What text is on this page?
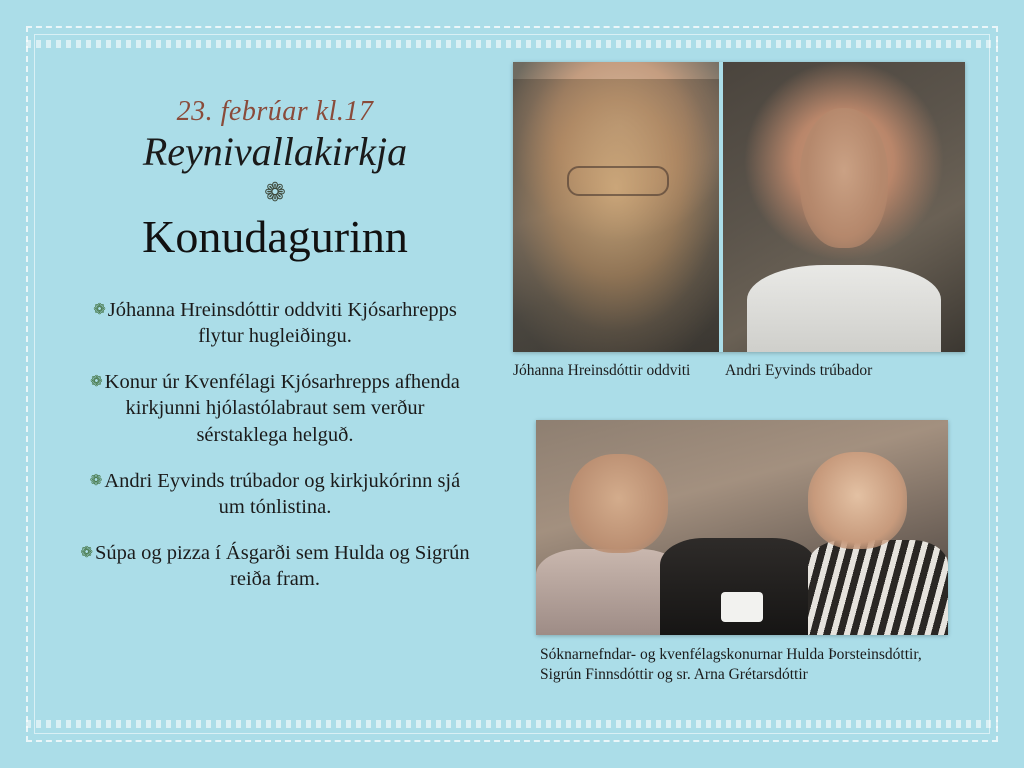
23. febrúar kl.17
Reynivallakirkja
❁
Konudagurinn
❁Jóhanna Hreinsdóttir oddviti Kjósarhrepps flytur hugleiðingu.
❁Konur úr Kvenfélagi Kjósarhrepps afhenda kirkjunni hjólastólabraut sem verður sérstaklega helguð.
❁Andri Eyvinds trúbador og kirkjukórinn sjá um tónlistina.
❁Súpa og pizza í Ásgarði sem Hulda og Sigrún reiða fram.
Jóhanna Hreinsdóttir oddviti	Andri Eyvinds trúbador
Sóknarnefndar- og kvenfélagskonurnar Hulda Þorsteinsdóttir, Sigrún Finnsdóttir og sr. Arna Grétarsdóttir
